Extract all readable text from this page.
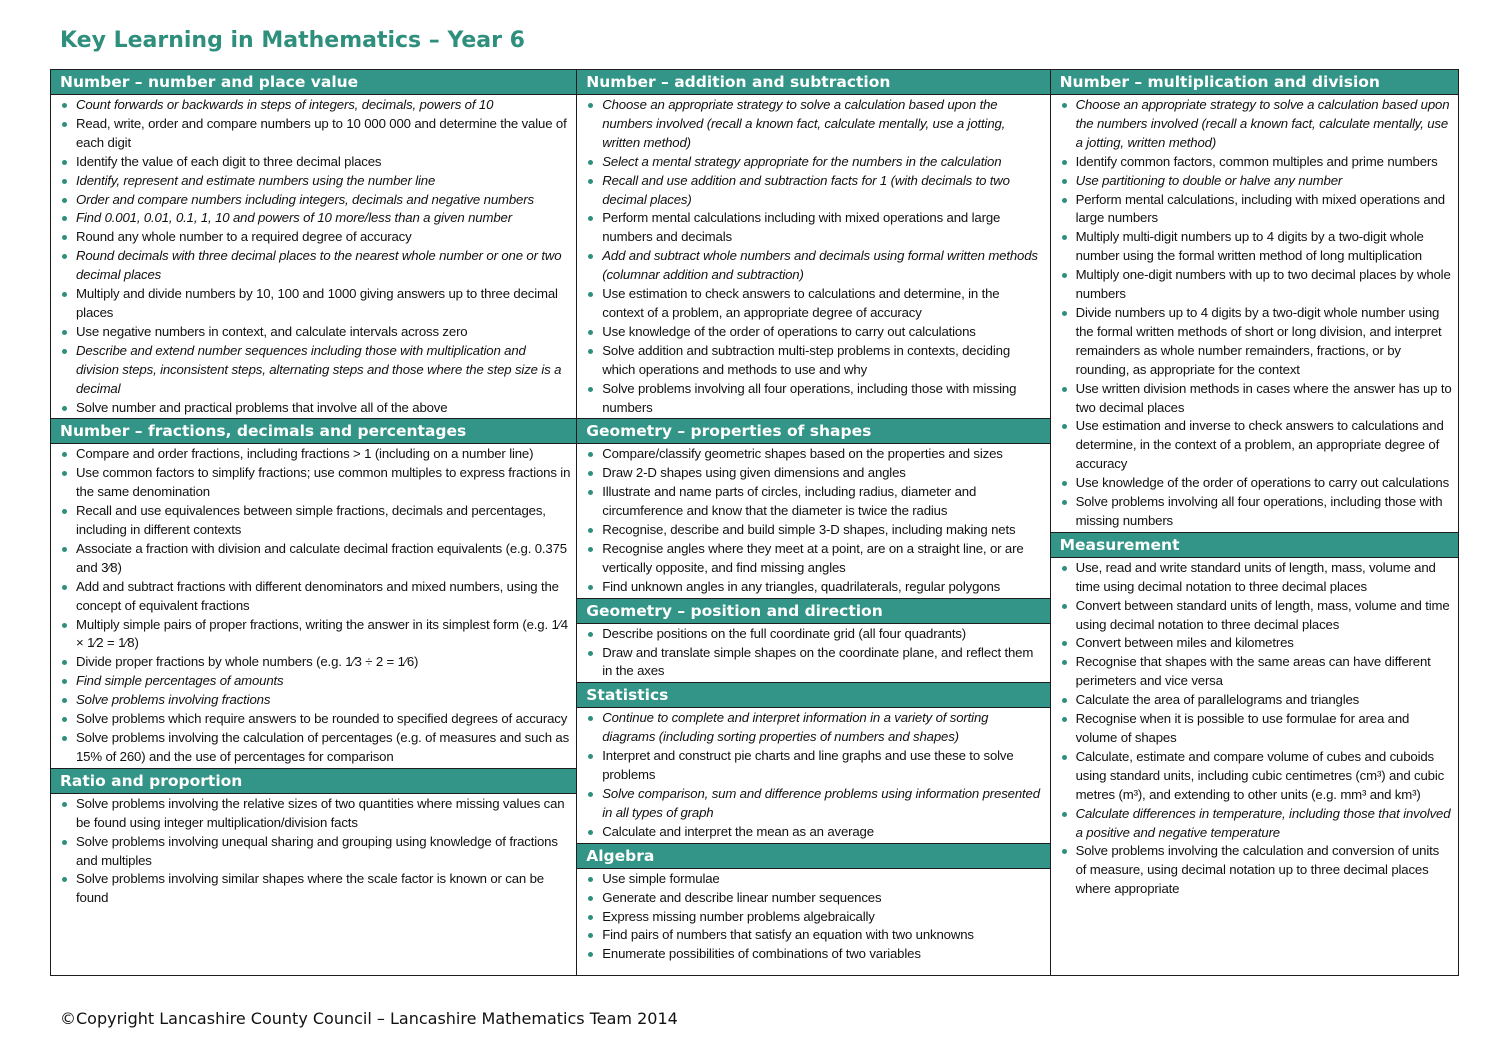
Key Learning in Mathematics – Year 6
Number – number and place value
Count forwards or backwards in steps of integers, decimals, powers of 10
Read, write, order and compare numbers up to 10 000 000 and determine the value of each digit
Identify the value of each digit to three decimal places
Identify, represent and estimate numbers using the number line
Order and compare numbers including integers, decimals and negative numbers
Find 0.001, 0.01, 0.1, 1, 10 and powers of 10 more/less than a given number
Round any whole number to a required degree of accuracy
Round decimals with three decimal places to the nearest whole number or one or two decimal places
Multiply and divide numbers by 10, 100 and 1000 giving answers up to three decimal places
Use negative numbers in context, and calculate intervals across zero
Describe and extend number sequences including those with multiplication and division steps, inconsistent steps, alternating steps and those where the step size is a decimal
Solve number and practical problems that involve all of the above
Number – fractions, decimals and percentages
Compare and order fractions, including fractions > 1 (including on a number line)
Use common factors to simplify fractions; use common multiples to express fractions in the same denomination
Recall and use equivalences between simple fractions, decimals and percentages, including in different contexts
Associate a fraction with division and calculate decimal fraction equivalents (e.g. 0.375 and 3⁄8)
Add and subtract fractions with different denominators and mixed numbers, using the concept of equivalent fractions
Multiply simple pairs of proper fractions, writing the answer in its simplest form (e.g. 1⁄4 × 1⁄2 = 1⁄8)
Divide proper fractions by whole numbers (e.g. 1⁄3 ÷ 2 = 1⁄6)
Find simple percentages of amounts
Solve problems involving fractions
Solve problems which require answers to be rounded to specified degrees of accuracy
Solve problems involving the calculation of percentages (e.g. of measures and such as 15% of 260) and the use of percentages for comparison
Ratio and proportion
Solve problems involving the relative sizes of two quantities where missing values can be found using integer multiplication/division facts
Solve problems involving unequal sharing and grouping using knowledge of fractions and multiples
Solve problems involving similar shapes where the scale factor is known or can be found
Number – addition and subtraction
Choose an appropriate strategy to solve a calculation based upon the numbers involved (recall a known fact, calculate mentally, use a jotting, written method)
Select a mental strategy appropriate for the numbers in the calculation
Recall and use addition and subtraction facts for 1 (with decimals to two decimal places)
Perform mental calculations including with mixed operations and large numbers and decimals
Add and subtract whole numbers and decimals using formal written methods (columnar addition and subtraction)
Use estimation to check answers to calculations and determine, in the context of a problem, an appropriate degree of accuracy
Use knowledge of the order of operations to carry out calculations
Solve addition and subtraction multi-step problems in contexts, deciding which operations and methods to use and why
Solve problems involving all four operations, including those with missing numbers
Geometry – properties of shapes
Compare/classify geometric shapes based on the properties and sizes
Draw 2-D shapes using given dimensions and angles
Illustrate and name parts of circles, including radius, diameter and circumference and know that the diameter is twice the radius
Recognise, describe and build simple 3-D shapes, including making nets
Recognise angles where they meet at a point, are on a straight line, or are vertically opposite, and find missing angles
Find unknown angles in any triangles, quadrilaterals, regular polygons
Geometry – position and direction
Describe positions on the full coordinate grid (all four quadrants)
Draw and translate simple shapes on the coordinate plane, and reflect them in the axes
Statistics
Continue to complete and interpret information in a variety of sorting diagrams (including sorting properties of numbers and shapes)
Interpret and construct pie charts and line graphs and use these to solve problems
Solve comparison, sum and difference problems using information presented in all types of graph
Calculate and interpret the mean as an average
Algebra
Use simple formulae
Generate and describe linear number sequences
Express missing number problems algebraically
Find pairs of numbers that satisfy an equation with two unknowns
Enumerate possibilities of combinations of two variables
Number – multiplication and division
Choose an appropriate strategy to solve a calculation based upon the numbers involved (recall a known fact, calculate mentally, use a jotting, written method)
Identify common factors, common multiples and prime numbers
Use partitioning to double or halve any number
Perform mental calculations, including with mixed operations and large numbers
Multiply multi-digit numbers up to 4 digits by a two-digit whole number using the formal written method of long multiplication
Multiply one-digit numbers with up to two decimal places by whole numbers
Divide numbers up to 4 digits by a two-digit whole number using the formal written methods of short or long division, and interpret remainders as whole number remainders, fractions, or by rounding, as appropriate for the context
Use written division methods in cases where the answer has up to two decimal places
Use estimation and inverse to check answers to calculations and determine, in the context of a problem, an appropriate degree of accuracy
Use knowledge of the order of operations to carry out calculations
Solve problems involving all four operations, including those with missing numbers
Measurement
Use, read and write standard units of length, mass, volume and time using decimal notation to three decimal places
Convert between standard units of length, mass, volume and time using decimal notation to three decimal places
Convert between miles and kilometres
Recognise that shapes with the same areas can have different perimeters and vice versa
Calculate the area of parallelograms and triangles
Recognise when it is possible to use formulae for area and volume of shapes
Calculate, estimate and compare volume of cubes and cuboids using standard units, including cubic centimetres (cm³) and cubic metres (m³), and extending to other units (e.g. mm³ and km³)
Calculate differences in temperature, including those that involved a positive and negative temperature
Solve problems involving the calculation and conversion of units of measure, using decimal notation up to three decimal places where appropriate
©Copyright Lancashire County Council – Lancashire Mathematics Team 2014
